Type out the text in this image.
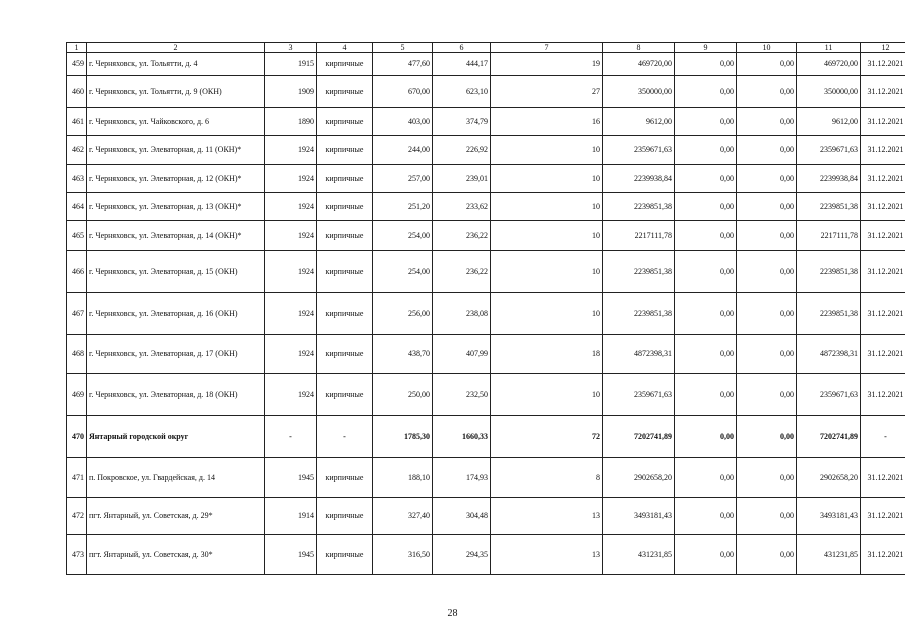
1	2	3	4	5	6	7	8	9	10	11	12
459	г. Черняховск, ул. Тольятти, д. 4	1915	кирпичные	477,60	444,17	19	469720,00	0,00	0,00	469720,00	31.12.2021
460	г. Черняховск, ул. Тольятти, д. 9 (ОКН)	1909	кирпичные	670,00	623,10	27	350000,00	0,00	0,00	350000,00	31.12.2021
461	г. Черняховск, ул. Чайковского, д. 6	1890	кирпичные	403,00	374,79	16	9612,00	0,00	0,00	9612,00	31.12.2021
462	г. Черняховск, ул. Элеваторная, д. 11 (ОКН)*	1924	кирпичные	244,00	226,92	10	2359671,63	0,00	0,00	2359671,63	31.12.2021
463	г. Черняховск, ул. Элеваторная, д. 12 (ОКН)*	1924	кирпичные	257,00	239,01	10	2239938,84	0,00	0,00	2239938,84	31.12.2021
464	г. Черняховск, ул. Элеваторная, д. 13 (ОКН)*	1924	кирпичные	251,20	233,62	10	2239851,38	0,00	0,00	2239851,38	31.12.2021
465	г. Черняховск, ул. Элеваторная, д. 14 (ОКН)*	1924	кирпичные	254,00	236,22	10	2217111,78	0,00	0,00	2217111,78	31.12.2021
466	г. Черняховск, ул. Элеваторная, д. 15 (ОКН)	1924	кирпичные	254,00	236,22	10	2239851,38	0,00	0,00	2239851,38	31.12.2021
467	г. Черняховск, ул. Элеваторная, д. 16 (ОКН)	1924	кирпичные	256,00	238,08	10	2239851,38	0,00	0,00	2239851,38	31.12.2021
468	г. Черняховск, ул. Элеваторная, д. 17 (ОКН)	1924	кирпичные	438,70	407,99	18	4872398,31	0,00	0,00	4872398,31	31.12.2021
469	г. Черняховск, ул. Элеваторная, д. 18 (ОКН)	1924	кирпичные	250,00	232,50	10	2359671,63	0,00	0,00	2359671,63	31.12.2021
470	Янтарный городской округ	-	-	1785,30	1660,33	72	7202741,89	0,00	0,00	7202741,89	-
471	п. Покровское, ул. Гвардейская, д. 14	1945	кирпичные	188,10	174,93	8	2902658,20	0,00	0,00	2902658,20	31.12.2021
472	пгт. Янтарный, ул. Советская, д. 29*	1914	кирпичные	327,40	304,48	13	3493181,43	0,00	0,00	3493181,43	31.12.2021
473	пгт. Янтарный, ул. Советская, д. 30*	1945	кирпичные	316,50	294,35	13	431231,85	0,00	0,00	431231,85	31.12.2021
28
